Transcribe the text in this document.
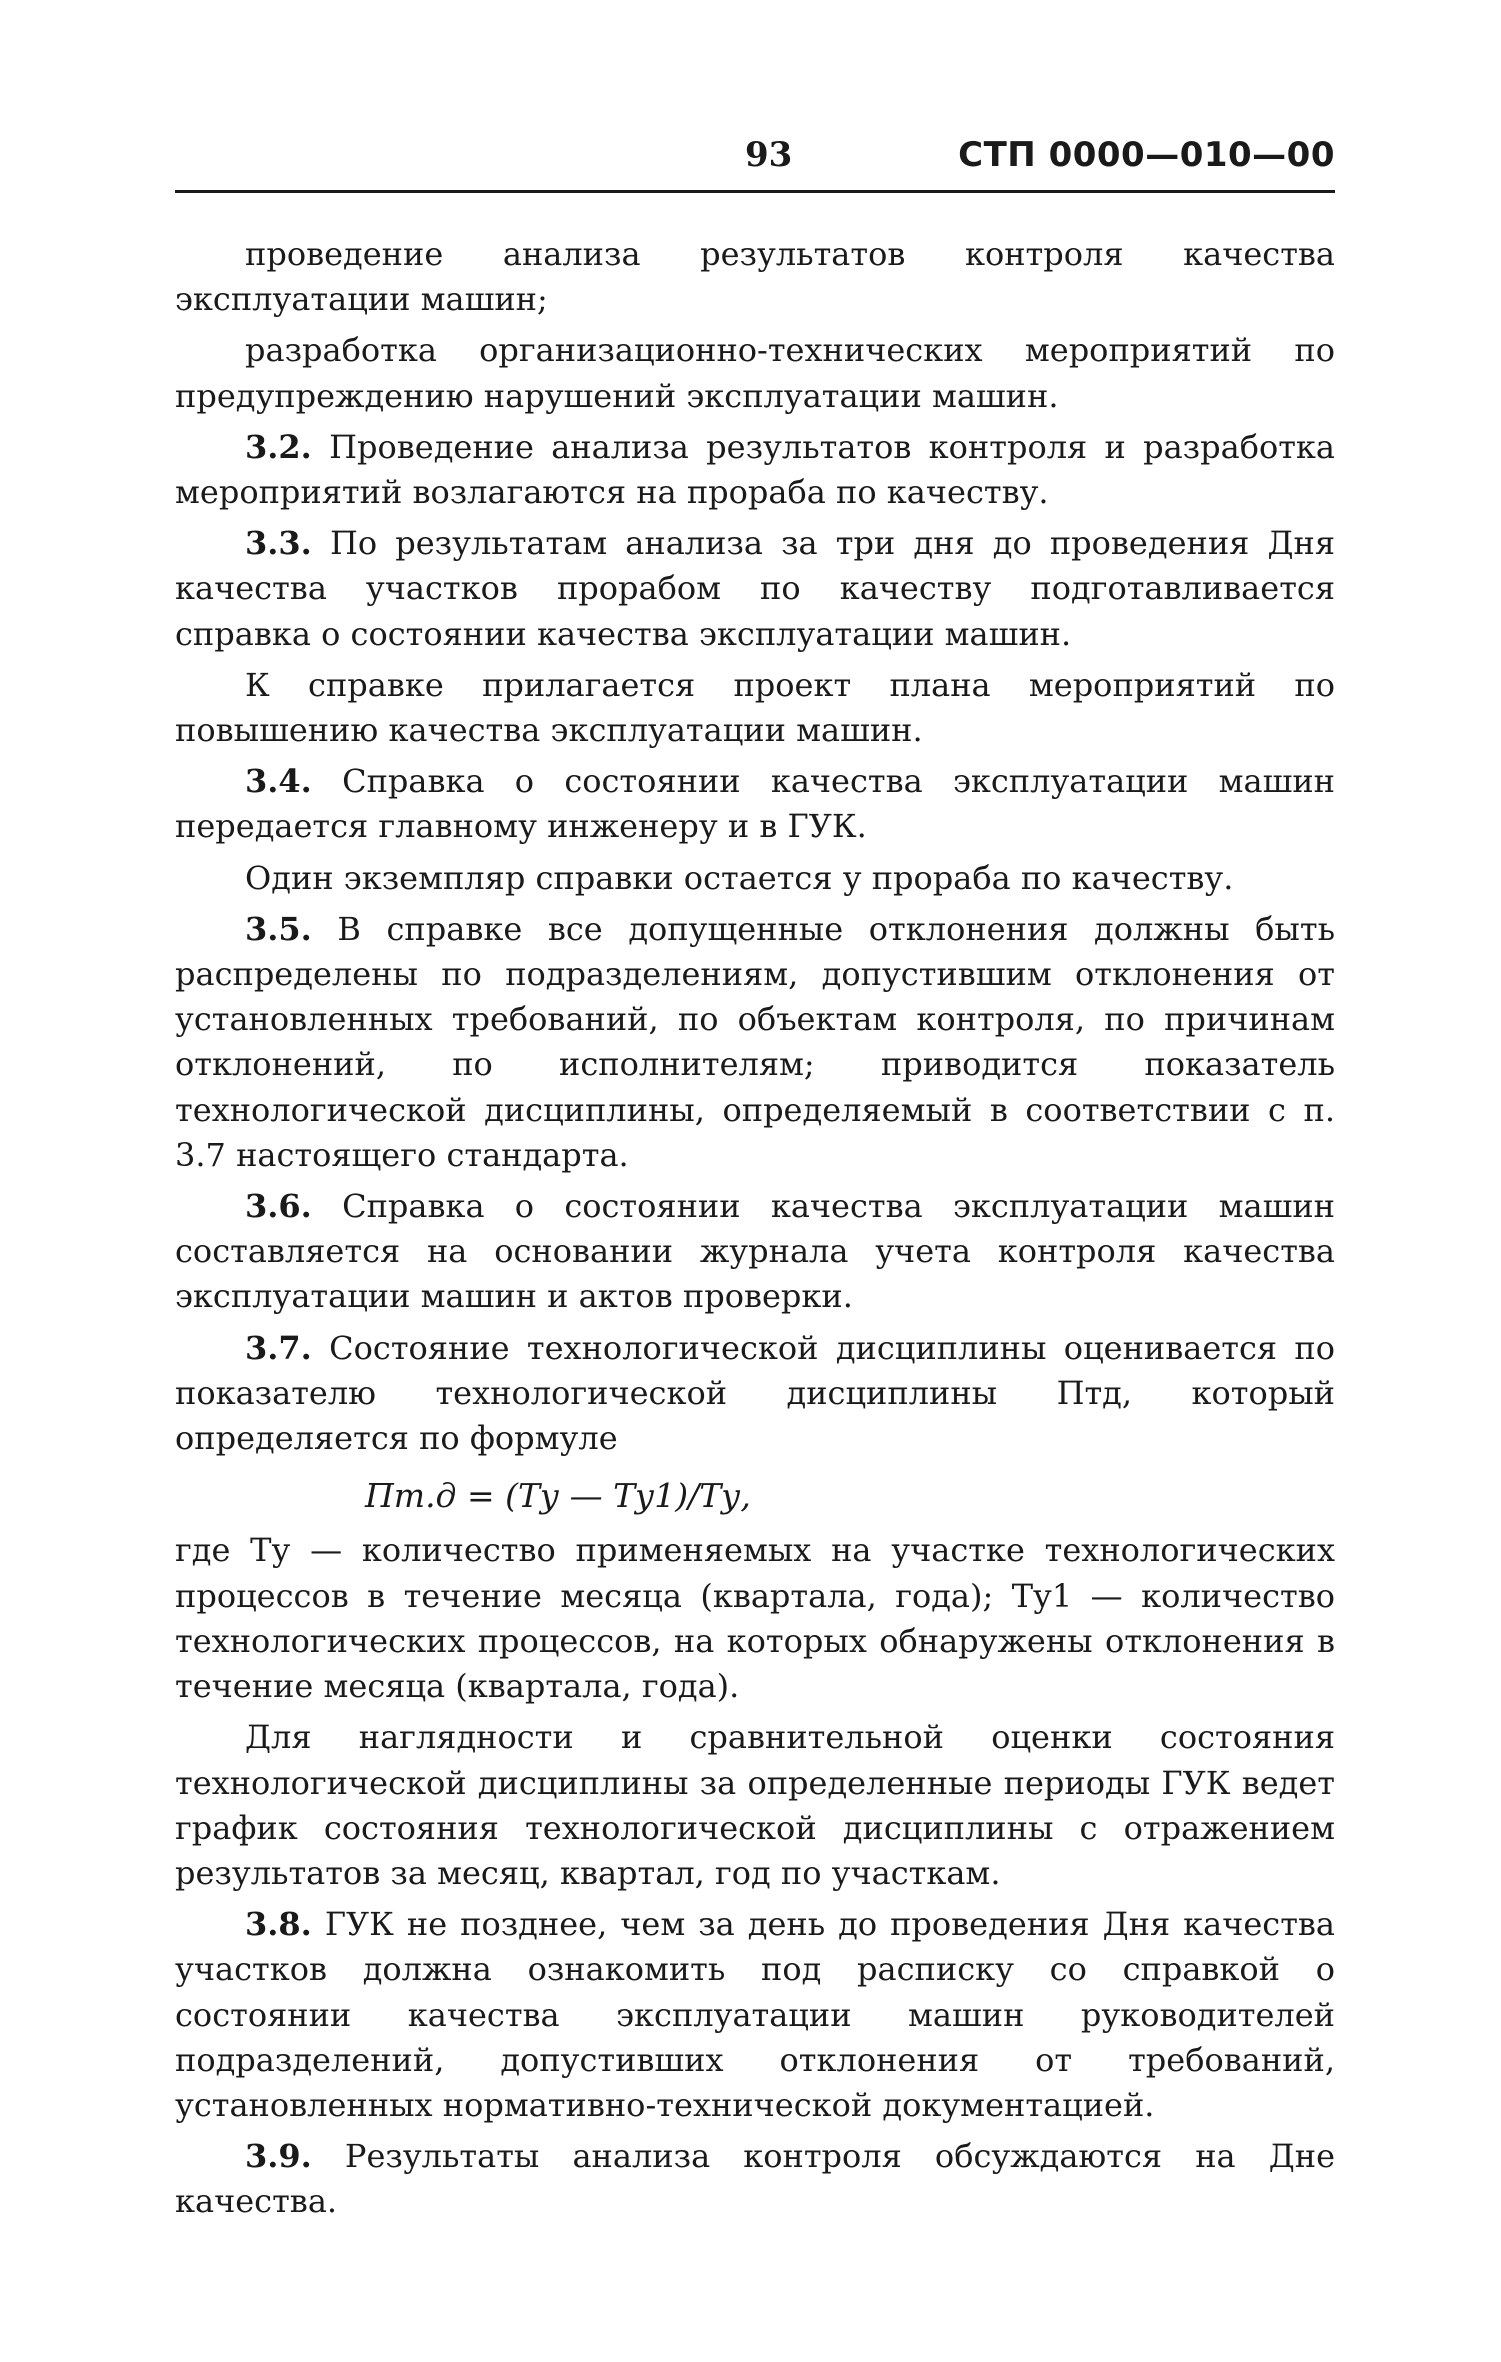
93	СТП 0000—010—00

проведение анализа результатов контроля качества эксплуатации машин;

разработка организационно-технических мероприятий по предупреждению нарушений эксплуатации машин.

3.2. Проведение анализа результатов контроля и разработка мероприятий возлагаются на прораба по качеству.

3.3. По результатам анализа за три дня до проведения Дня качества участков прорабом по качеству подготавливается справка о состоянии качества эксплуатации машин.

К справке прилагается проект плана мероприятий по повышению качества эксплуатации машин.

3.4. Справка о состоянии качества эксплуатации машин передается главному инженеру и в ГУК.

Один экземпляр справки остается у прораба по качеству.

3.5. В справке все допущенные отклонения должны быть распределены по подразделениям, допустившим отклонения от установленных требований, по объектам контроля, по причинам отклонений, по исполнителям; приводится показатель технологической дисциплины, определяемый в соответствии с п. 3.7 настоящего стандарта.

3.6. Справка о состоянии качества эксплуатации машин составляется на основании журнала учета контроля качества эксплуатации машин и актов проверки.

3.7. Состояние технологической дисциплины оценивается по показателю технологической дисциплины Птд, который определяется по формуле

Пт.д = (Ту — Ту1)/Ту,

где Ту — количество применяемых на участке технологических процессов в течение месяца (квартала, года); Ту1 — количество технологических процессов, на которых обнаружены отклонения в течение месяца (квартала, года).

Для наглядности и сравнительной оценки состояния технологической дисциплины за определенные периоды ГУК ведет график состояния технологической дисциплины с отражением результатов за месяц, квартал, год по участкам.

3.8. ГУК не позднее, чем за день до проведения Дня качества участков должна ознакомить под расписку со справкой о состоянии качества эксплуатации машин руководителей подразделений, допустивших отклонения от требований, установленных нормативно-технической документацией.

3.9. Результаты анализа контроля обсуждаются на Дне качества.
